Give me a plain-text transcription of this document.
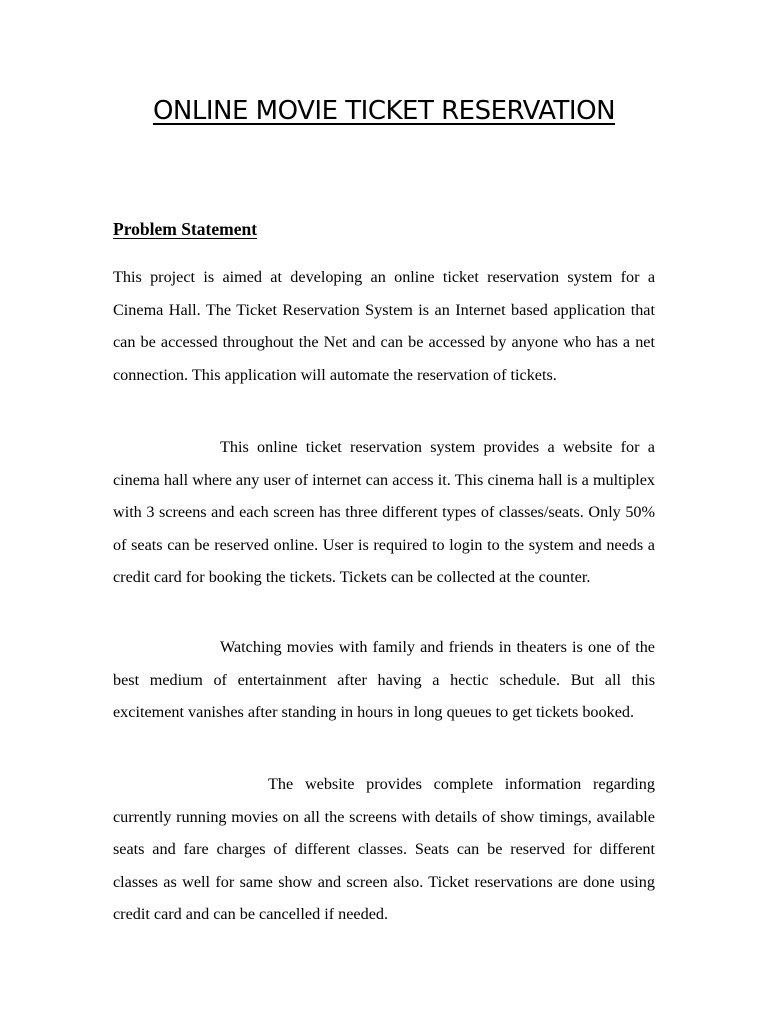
ONLINE MOVIE TICKET RESERVATION
Problem Statement

This project is aimed at developing an online ticket reservation system for a Cinema Hall. The Ticket Reservation System is an Internet based application that can be accessed throughout the Net and can be accessed by anyone who has a net connection. This application will automate the reservation of tickets.

This online ticket reservation system provides a website for a cinema hall where any user of internet can access it. This cinema hall is a multiplex with 3 screens and each screen has three different types of classes/seats. Only 50% of seats can be reserved online. User is required to login to the system and needs a credit card for booking the tickets. Tickets can be collected at the counter.

Watching movies with family and friends in theaters is one of the best medium of entertainment after having a hectic schedule. But all this excitement vanishes after standing in hours in long queues to get tickets booked.

The website provides complete information regarding currently running movies on all the screens with details of show timings, available seats and fare charges of different classes. Seats can be reserved for different classes as well for same show and screen also. Ticket reservations are done using credit card and can be cancelled if needed.
